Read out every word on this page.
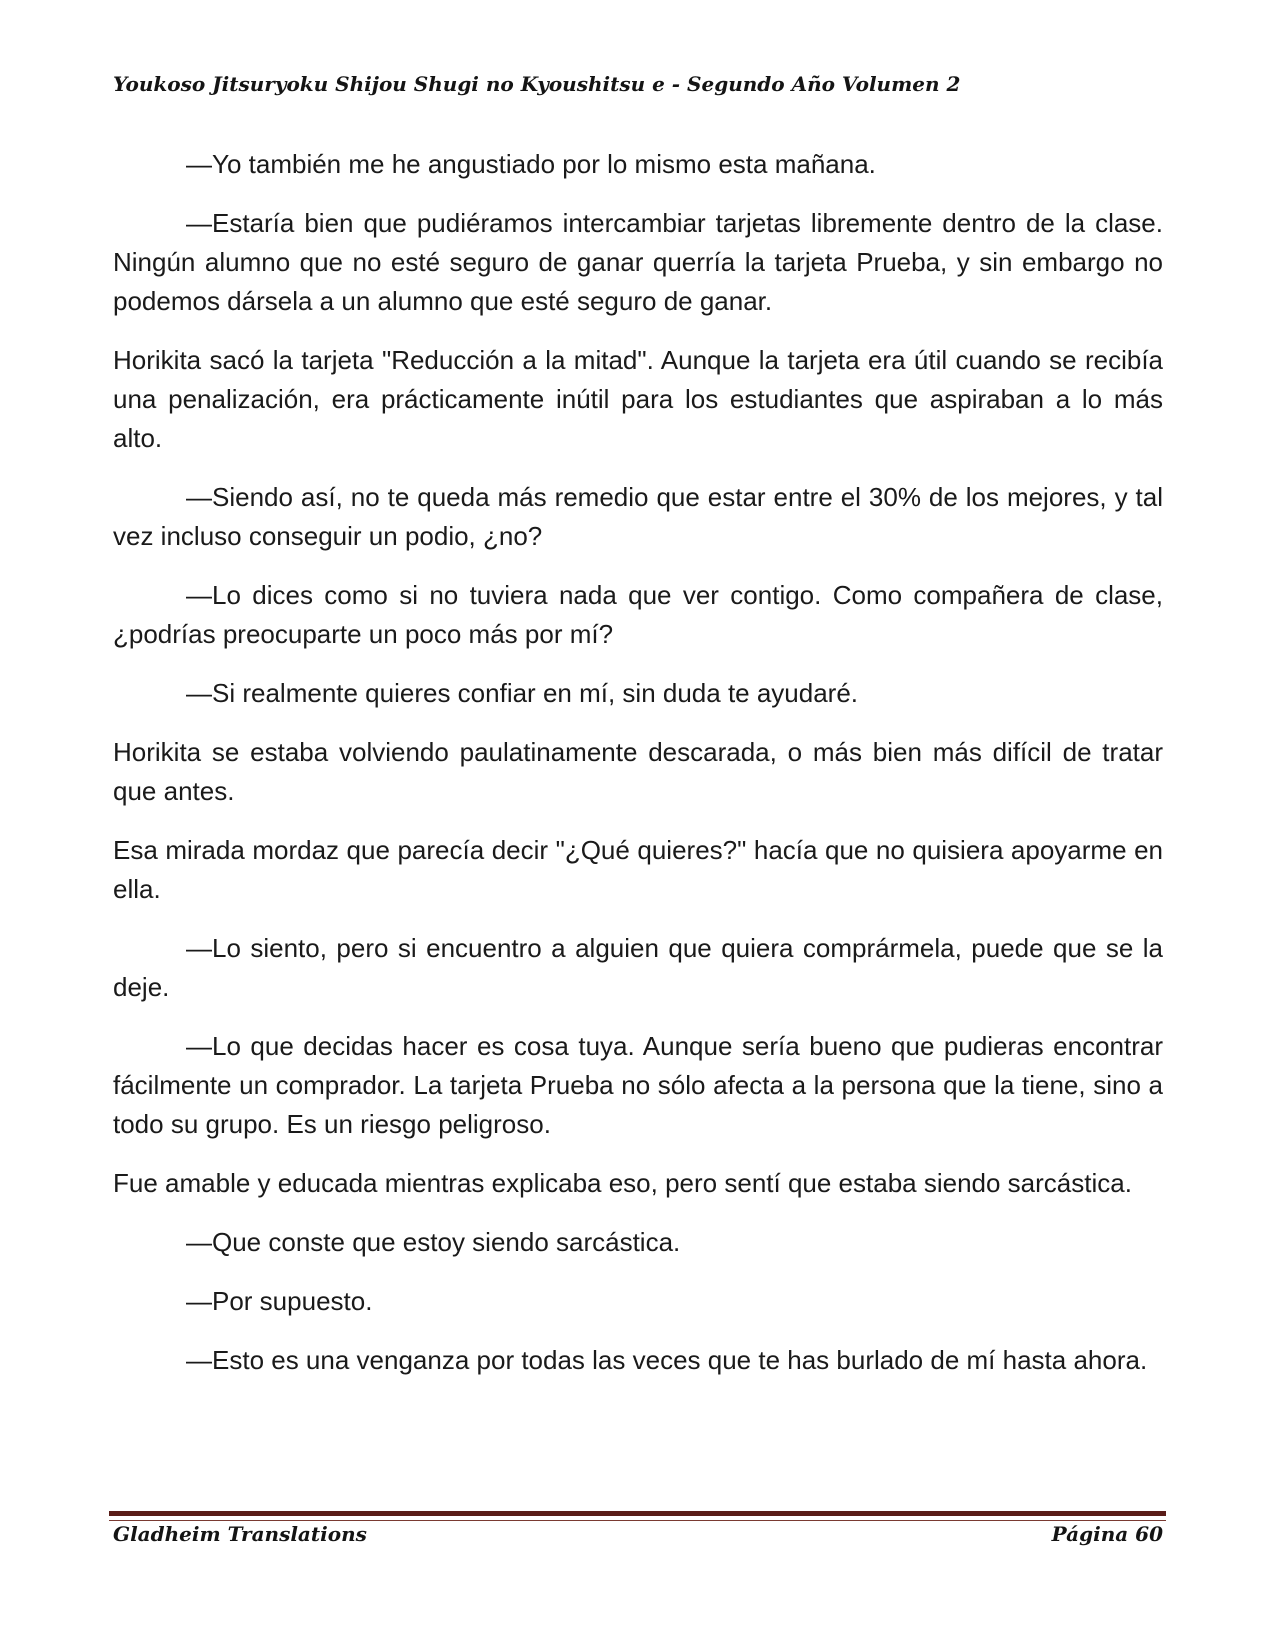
Youkoso Jitsuryoku Shijou Shugi no Kyoushitsu e - Segundo Año Volumen 2

—Yo también me he angustiado por lo mismo esta mañana.

—Estaría bien que pudiéramos intercambiar tarjetas libremente dentro de la clase. Ningún alumno que no esté seguro de ganar querría la tarjeta Prueba, y sin embargo no podemos dársela a un alumno que esté seguro de ganar.

Horikita sacó la tarjeta "Reducción a la mitad". Aunque la tarjeta era útil cuando se recibía una penalización, era prácticamente inútil para los estudiantes que aspiraban a lo más alto.

—Siendo así, no te queda más remedio que estar entre el 30% de los mejores, y tal vez incluso conseguir un podio, ¿no?

—Lo dices como si no tuviera nada que ver contigo. Como compañera de clase, ¿podrías preocuparte un poco más por mí?

—Si realmente quieres confiar en mí, sin duda te ayudaré.

Horikita se estaba volviendo paulatinamente descarada, o más bien más difícil de tratar que antes.

Esa mirada mordaz que parecía decir "¿Qué quieres?" hacía que no quisiera apoyarme en ella.

—Lo siento, pero si encuentro a alguien que quiera comprármela, puede que se la deje.

—Lo que decidas hacer es cosa tuya. Aunque sería bueno que pudieras encontrar fácilmente un comprador. La tarjeta Prueba no sólo afecta a la persona que la tiene, sino a todo su grupo. Es un riesgo peligroso.

Fue amable y educada mientras explicaba eso, pero sentí que estaba siendo sarcástica.

—Que conste que estoy siendo sarcástica.

—Por supuesto.

—Esto es una venganza por todas las veces que te has burlado de mí hasta ahora.

Gladheim Translations	Página 60
